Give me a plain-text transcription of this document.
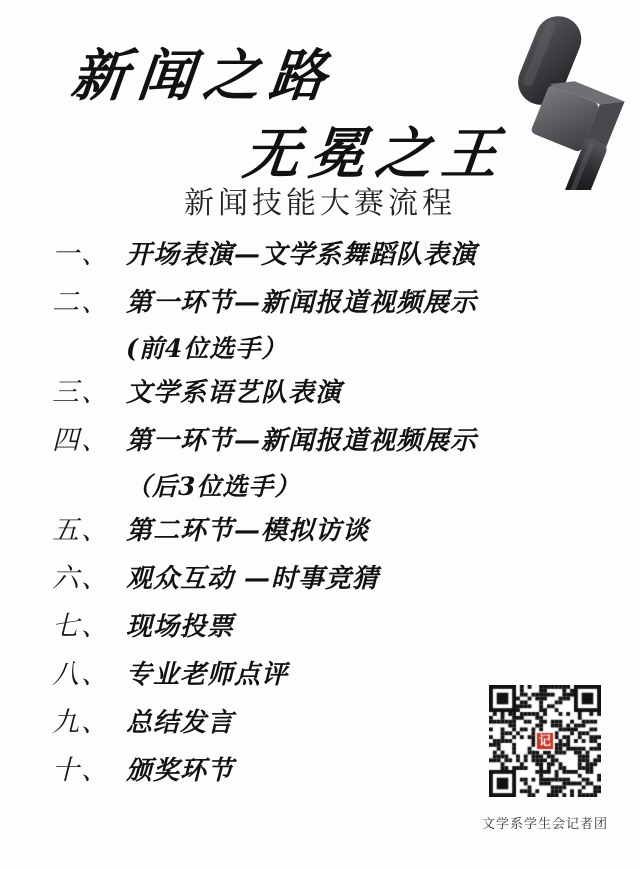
新闻之路
无冕之王
新闻技能大赛流程
一、 开场表演—文学系舞蹈队表演
二、 第一环节—新闻报道视频展示
(前4位选手）
三、 文学系语艺队表演
四、 第一环节—新闻报道视频展示
（后3位选手）
五、 第二环节—模拟访谈
六、 观众互动 —时事竞猜
七、 现场投票
八、 专业老师点评
九、 总结发言
十、 颁奖环节
文学系学生会记者团
